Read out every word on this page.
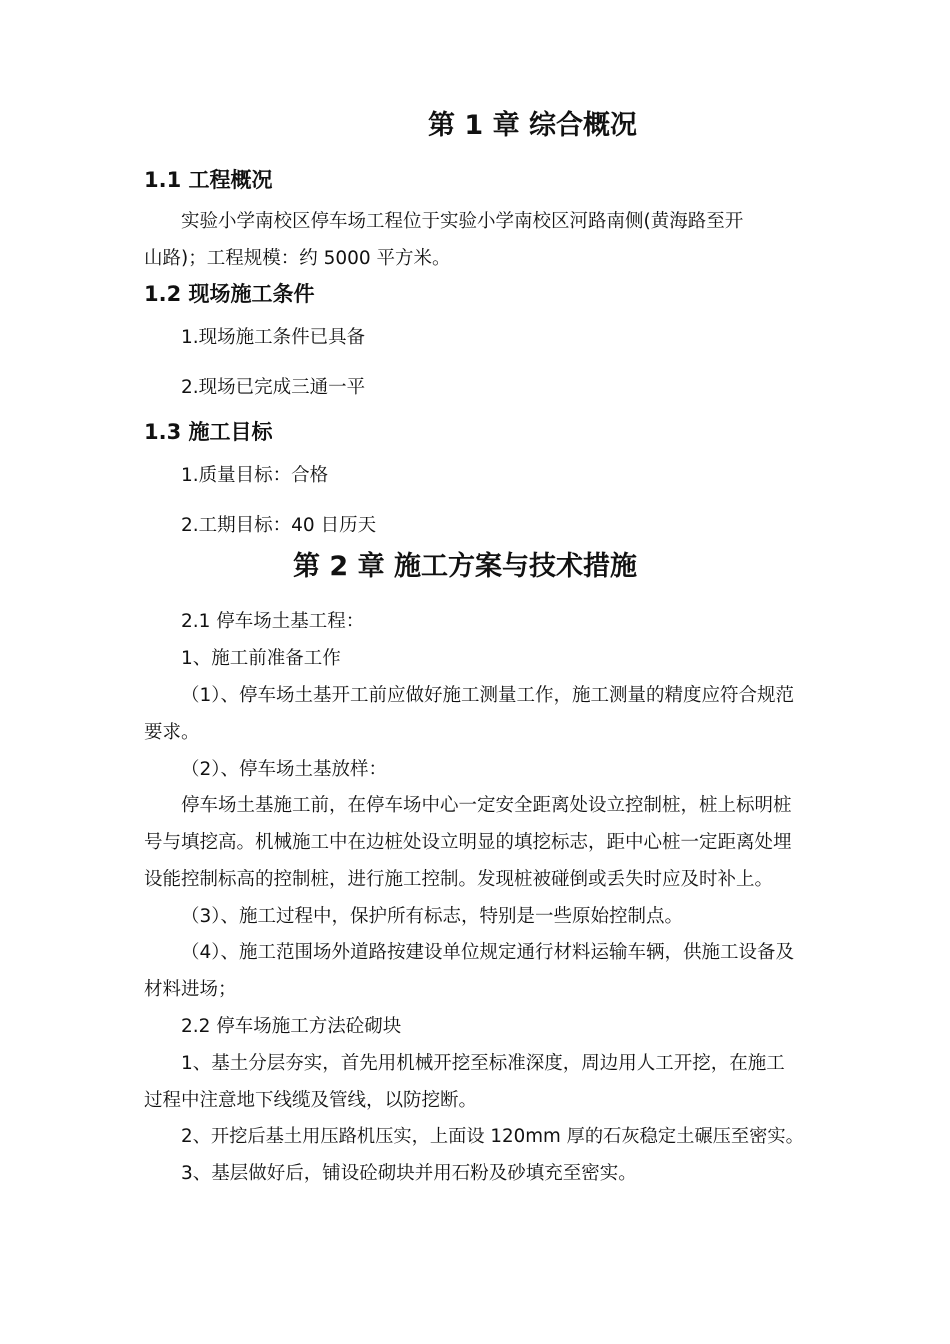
第 1 章 综合概况
1.1 工程概况
实验小学南校区停车场工程位于实验小学南校区河路南侧(黄海路至开
山路)；工程规模：约 5000 平方米。
1.2 现场施工条件
1.现场施工条件已具备
2.现场已完成三通一平
1.3 施工目标
1.质量目标：合格
2.工期目标：40 日历天
第 2 章 施工方案与技术措施
2.1 停车场土基工程：
1、施工前准备工作
（1）、停车场土基开工前应做好施工测量工作，施工测量的精度应符合规范
要求。
（2）、停车场土基放样：
停车场土基施工前，在停车场中心一定安全距离处设立控制桩，桩上标明桩
号与填挖高。机械施工中在边桩处设立明显的填挖标志，距中心桩一定距离处埋
设能控制标高的控制桩，进行施工控制。发现桩被碰倒或丢失时应及时补上。
（3）、施工过程中，保护所有标志，特别是一些原始控制点。
（4）、施工范围场外道路按建设单位规定通行材料运输车辆，供施工设备及
材料进场；
2.2 停车场施工方法砼砌块
1、基土分层夯实，首先用机械开挖至标准深度，周边用人工开挖，在施工
过程中注意地下线缆及管线，以防挖断。
2、开挖后基土用压路机压实，上面设 120mm 厚的石灰稳定土碾压至密实。
3、基层做好后，铺设砼砌块并用石粉及砂填充至密实。
